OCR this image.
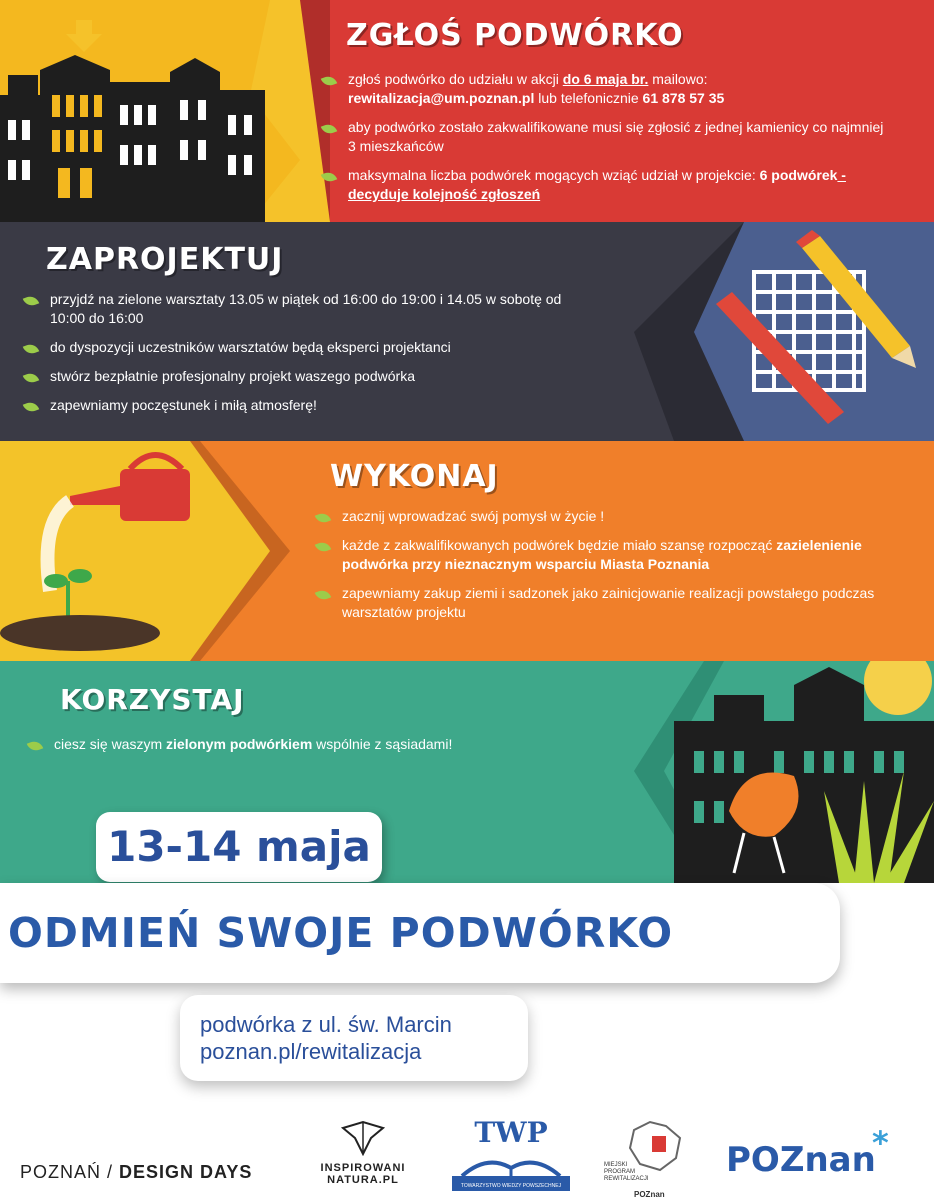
ZGŁOŚ PODWÓRKO
zgłoś podwórko do udziału w akcji do 6 maja br. mailowo: rewitalizacja@um.poznan.pl lub telefonicznie 61 878 57 35
aby podwórko zostało zakwalifikowane musi się zgłosić z jednej kamienicy co najmniej 3 mieszkańców
maksymalna liczba podwórek mogących wziąć udział w projekcie: 6 podwórek - decyduje kolejność zgłoszeń
ZAPROJEKTUJ
przyjdź na zielone warsztaty 13.05 w piątek od 16:00 do 19:00 i 14.05 w sobotę od 10:00 do 16:00
do dyspozycji uczestników warsztatów będą eksperci projektanci
stwórz bezpłatnie profesjonalny projekt waszego podwórka
zapewniamy poczęstunek i miłą atmosferę!
WYKONAJ
zacznij wprowadzać swój pomysł w życie !
każde z zakwalifikowanych podwórek będzie miało szansę rozpocząć zazielenienie podwórka przy nieznacznym wsparciu Miasta Poznania
zapewniamy zakup ziemi i sadzonek jako zainicjowanie realizacji powstałego podczas warsztatów projektu
KORZYSTAJ
ciesz się waszym zielonym podwórkiem wspólnie z sąsiadami!
13-14 maja
ODMIEŃ SWOJE PODWÓRKO
podwórka z ul. św. Marcin
poznan.pl/rewitalizacja
POZNAŃ / DESIGN DAYS	INSPIROWANI
NATURA.PL
TWP
TOWARZYSTWO WIEDZY POWSZECHNEJ
MIEJSKI
PROGRAM
REWITALIZACJI
POZnan
POZnan
*
